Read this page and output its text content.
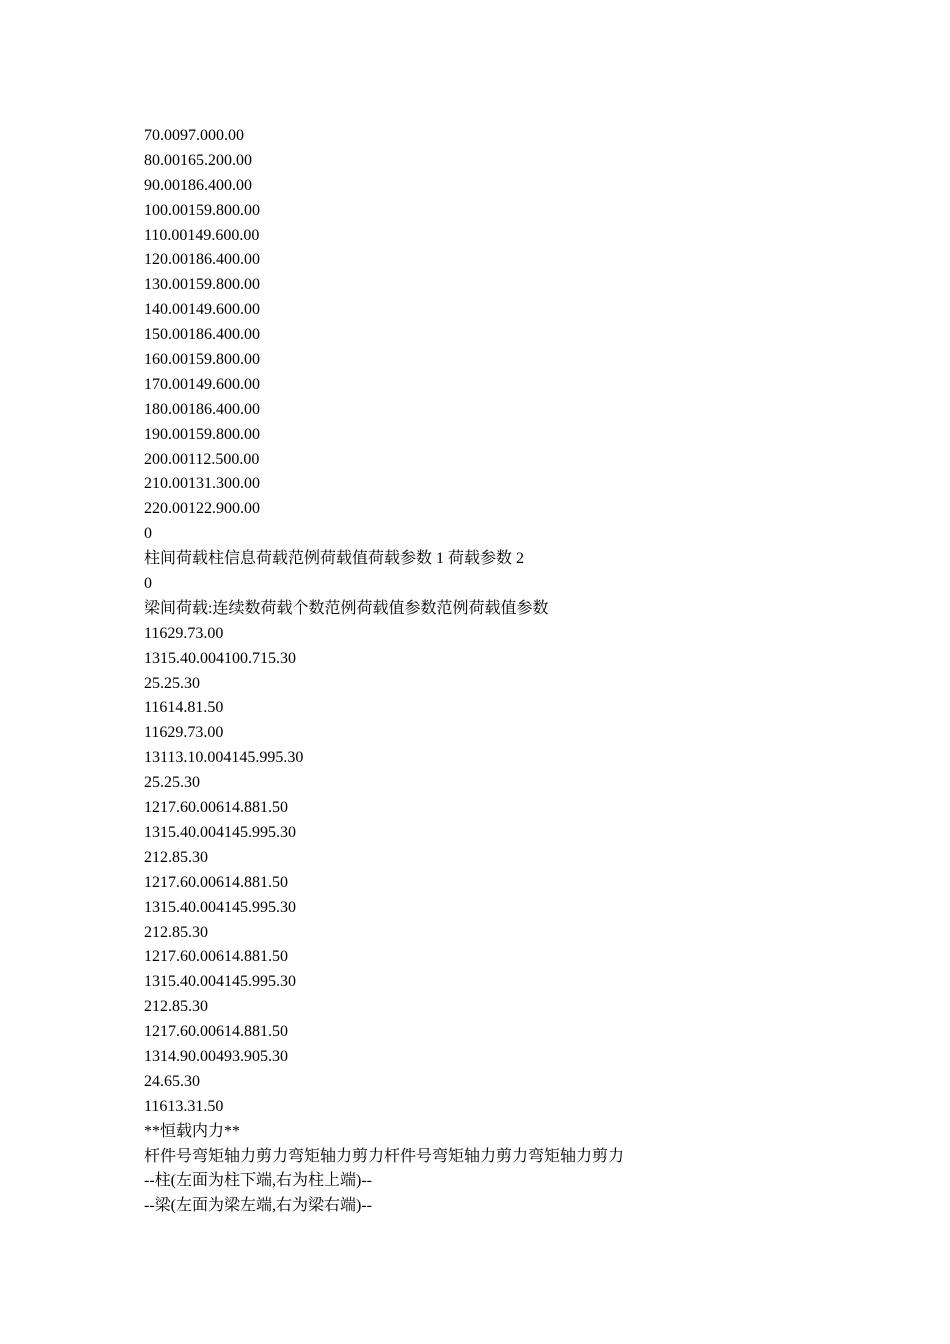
70.0097.000.00
80.00165.200.00
90.00186.400.00
100.00159.800.00
110.00149.600.00
120.00186.400.00
130.00159.800.00
140.00149.600.00
150.00186.400.00
160.00159.800.00
170.00149.600.00
180.00186.400.00
190.00159.800.00
200.00112.500.00
210.00131.300.00
220.00122.900.00
0
柱间荷载柱信息荷载范例荷载值荷载参数 1 荷载参数 2
0
梁间荷载:连续数荷载个数范例荷载值参数范例荷载值参数
11629.73.00
1315.40.004100.715.30
25.25.30
11614.81.50
11629.73.00
13113.10.004145.995.30
25.25.30
1217.60.00614.881.50
1315.40.004145.995.30
212.85.30
1217.60.00614.881.50
1315.40.004145.995.30
212.85.30
1217.60.00614.881.50
1315.40.004145.995.30
212.85.30
1217.60.00614.881.50
1314.90.00493.905.30
24.65.30
11613.31.50
**恒载内力**
杆件号弯矩轴力剪力弯矩轴力剪力杆件号弯矩轴力剪力弯矩轴力剪力
--柱(左面为柱下端,右为柱上端)--
--梁(左面为梁左端,右为梁右端)--
